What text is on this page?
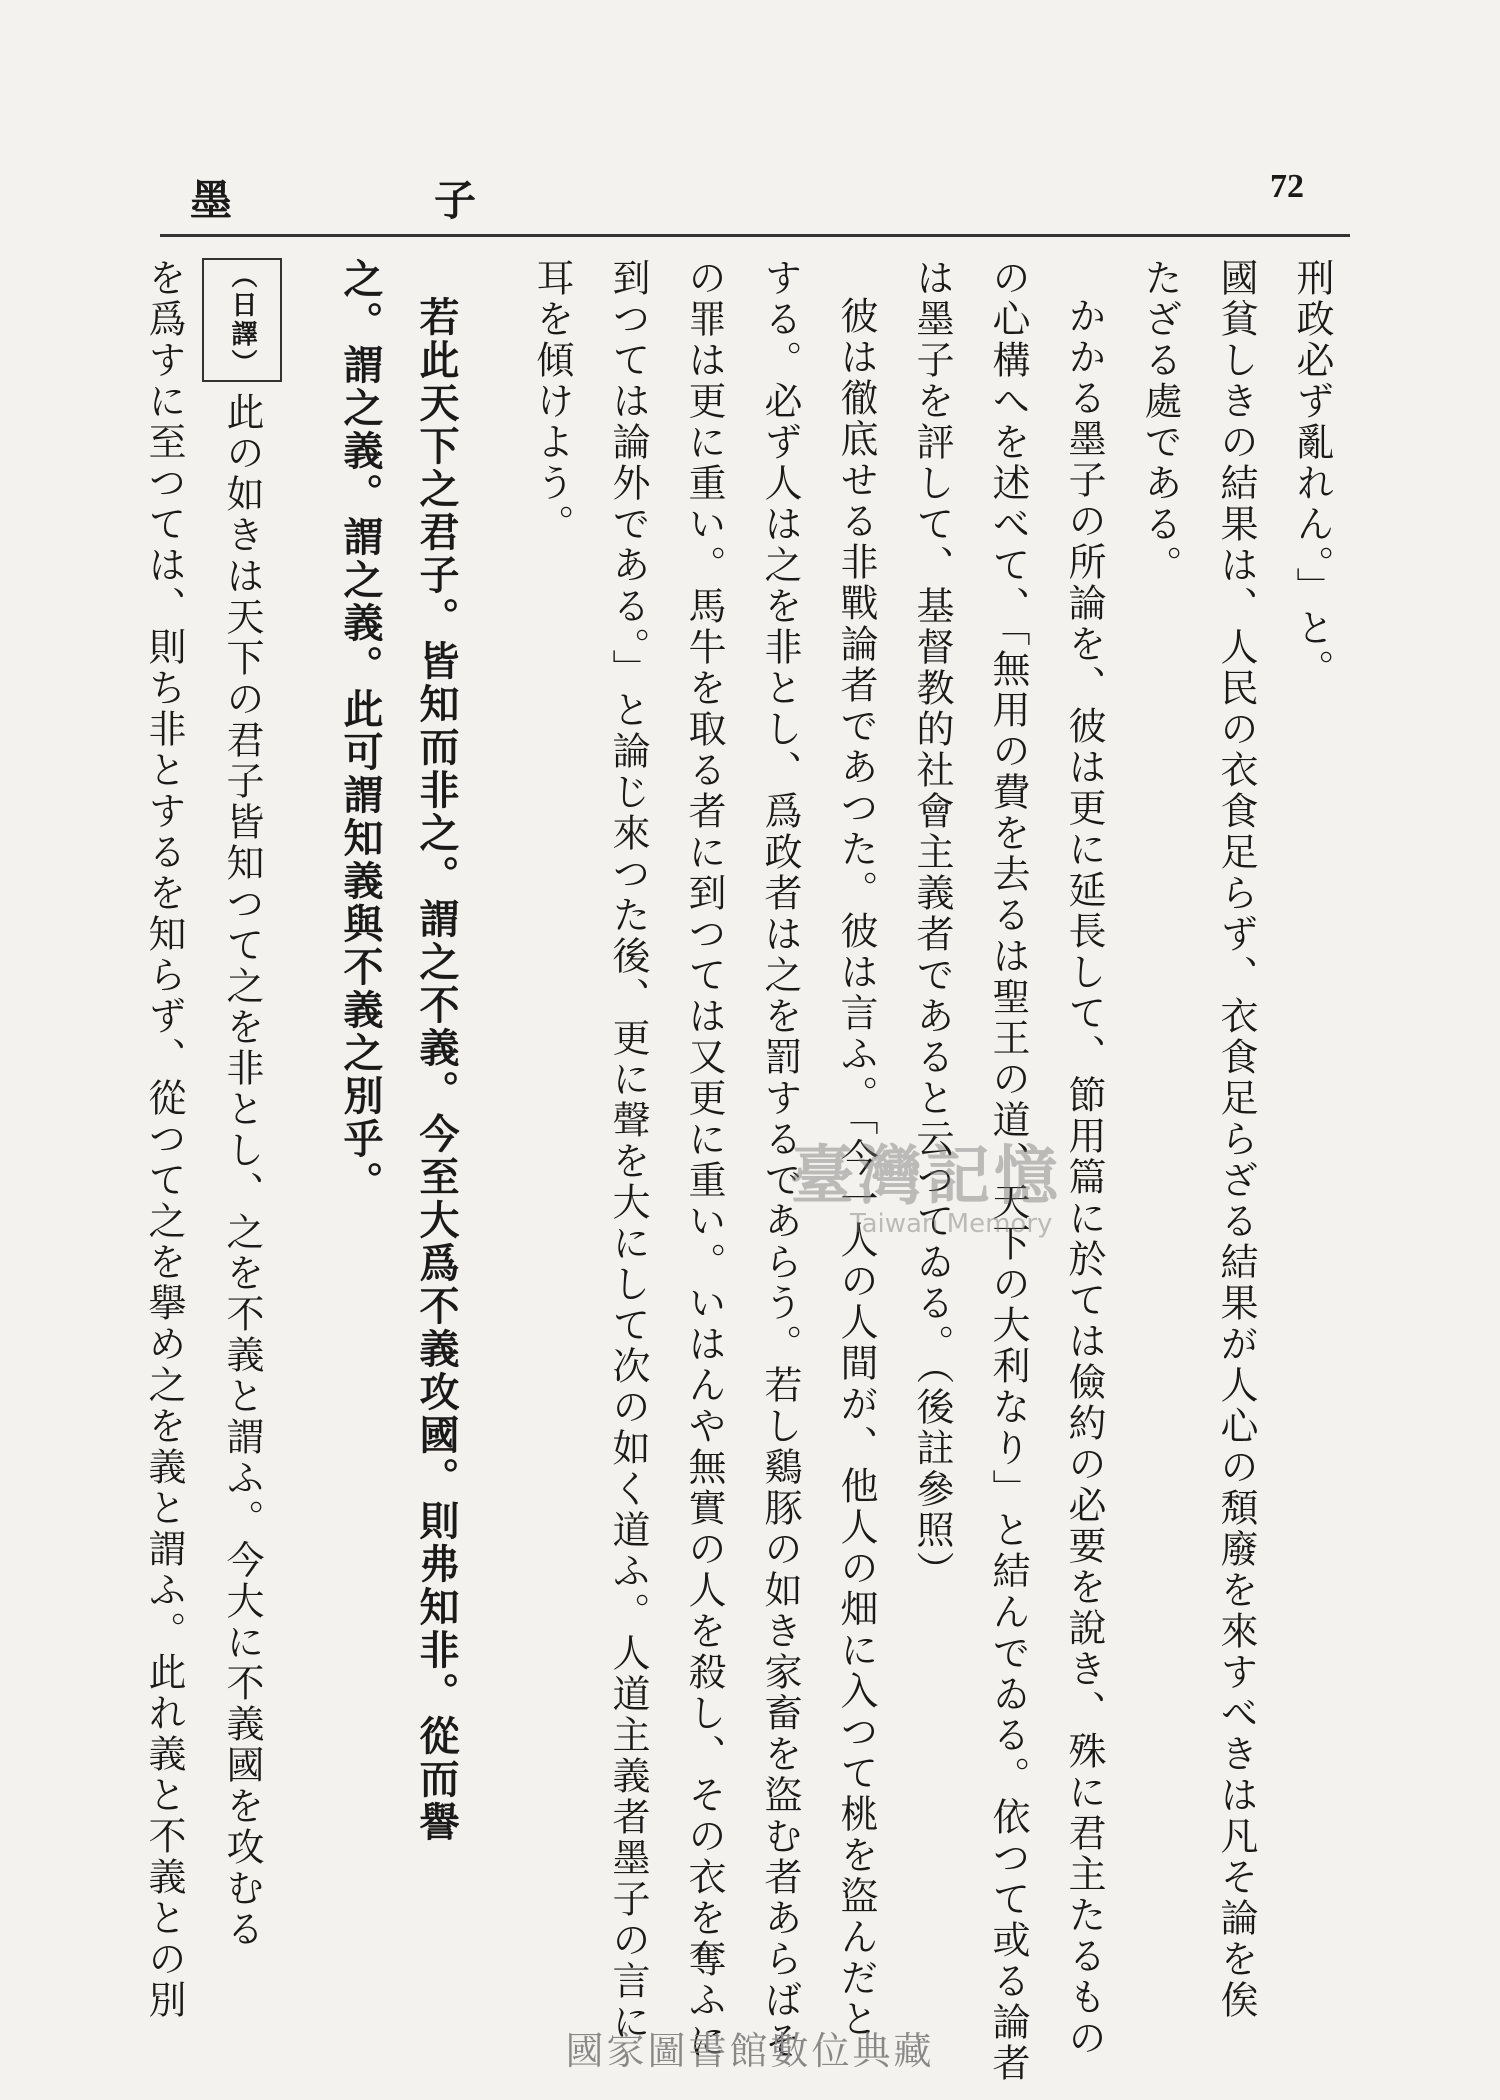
墨　子	72
刑政必ず亂れん。」と。
國貧しきの結果は、人民の衣食足らず、衣食足らざる結果が人心の頽廢を來すべきは凡そ論を俟
たざる處である。
かかる墨子の所論を、彼は更に延長して、節用篇に於ては儉約の必要を說き、殊に君主たるもの
の心構へを述べて、「無用の費を去るは聖王の道、天下の大利なり」と結んでゐる。依つて或る論者
は墨子を評して、基督教的社會主義者であると云つてゐる。（後註參照）
彼は徹底せる非戰論者であつた。彼は言ふ。「今一人の人間が、他人の畑に入つて桃を盜んだと
する。必ず人は之を非とし、爲政者は之を罰するであらう。若し鷄豚の如き家畜を盜む者あらばそ
の罪は更に重い。馬牛を取る者に到つては又更に重い。いはんや無實の人を殺し、その衣を奪ふに
到つては論外である。」と論じ來つた後、更に聲を大にして次の如く道ふ。人道主義者墨子の言に
耳を傾けよう。
若此天下之君子。皆知而非之。謂之不義。今至大爲不義攻國。則弗知非。從而譽
之。謂之義。謂之義。此可謂知義與不義之別乎。
（日譯）此の如きは天下の君子皆知つて之を非とし、之を不義と謂ふ。今大に不義國を攻むる
を爲すに至つては、則ち非とするを知らず、從つて之を擧め之を義と謂ふ。此れ義と不義との別	臺灣記憶
Taiwan Memory
國家圖書館數位典藏
